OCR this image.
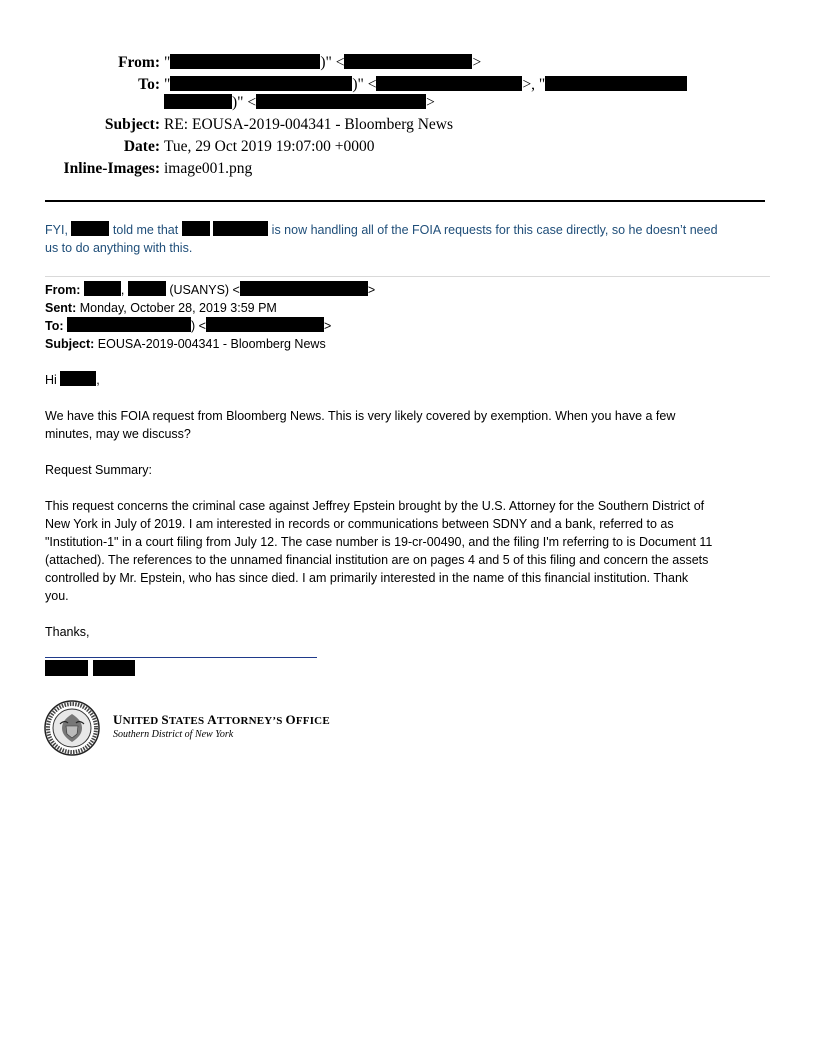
From: "	)" <	>
To: "	)" <	>, "
)" <	>
Subject: RE: EOUSA-2019-004341 - Bloomberg News
Date: Tue, 29 Oct 2019 19:07:00 +0000
Inline-Images: image001.png
FYI,	told me that	is now handling all of the FOIA requests for this case directly, so he doesn’t need
us to do anything with this.
From:	,	(USANYS) <	>
Sent: Monday, October 28, 2019 3:59 PM
To:	) <	>
Subject: EOUSA-2019-004341 - Bloomberg News
Hi	,
We have this FOIA request from Bloomberg News. This is very likely covered by exemption. When you have a few
minutes, may we discuss?
Request Summary:
This request concerns the criminal case against Jeffrey Epstein brought by the U.S. Attorney for the Southern District of
New York in July of 2019. I am interested in records or communications between SDNY and a bank, referred to as
"Institution-1" in a court filing from July 12. The case number is 19-cr-00490, and the filing I'm referring to is Document 11
(attached). The references to the unnamed financial institution are on pages 4 and 5 of this filing and concern the assets
controlled by Mr. Epstein, who has since died. I am primarily interested in the name of this financial institution. Thank
you.
Thanks,

UNITED STATES ATTORNEY’S OFFICE
Southern District of New York
